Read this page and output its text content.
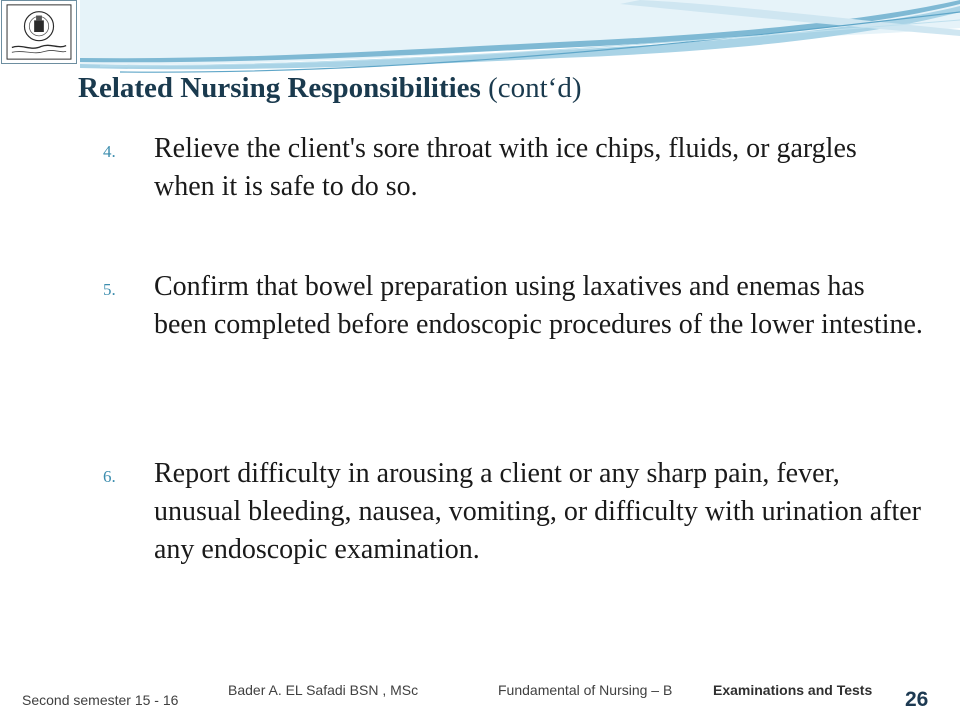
Related Nursing Responsibilities (cont‘d)
4. Relieve the client's sore throat with ice chips, fluids, or gargles when it is safe to do so.

5. Confirm that bowel preparation using laxatives and enemas has been completed before endoscopic procedures of the lower intestine.

6. Report difficulty in arousing a client or any sharp pain, fever, unusual bleeding, nausea, vomiting, or difficulty with urination after any endoscopic examination.

Second semester 15 - 16
Bader A. EL Safadi BSN , MSc	Fundamental of Nursing – B	Examinations and Tests 26
